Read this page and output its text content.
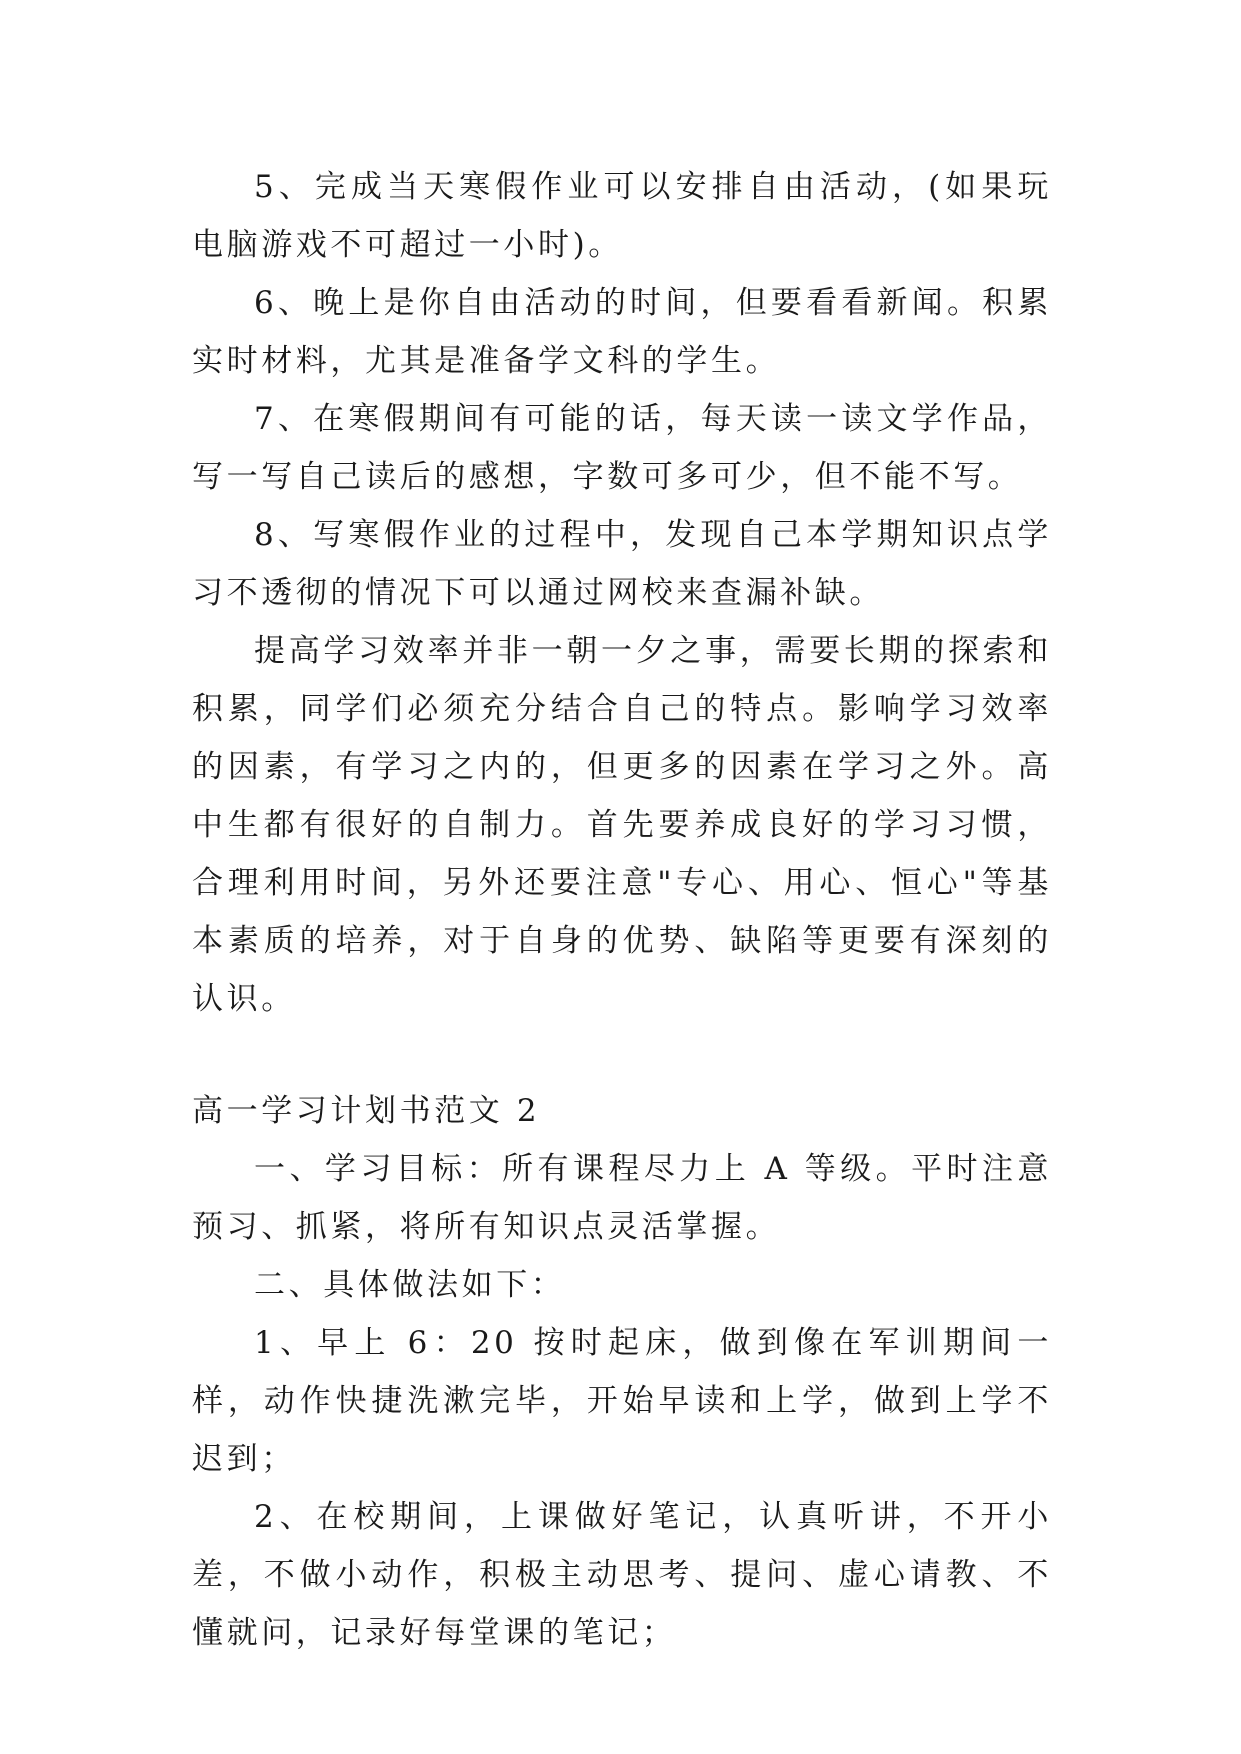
5、完成当天寒假作业可以安排自由活动，(如果玩电脑游戏不可超过一小时)。

6、晚上是你自由活动的时间，但要看看新闻。积累实时材料，尤其是准备学文科的学生。

7、在寒假期间有可能的话，每天读一读文学作品，写一写自己读后的感想，字数可多可少，但不能不写。

8、写寒假作业的过程中，发现自己本学期知识点学习不透彻的情况下可以通过网校来查漏补缺。

提高学习效率并非一朝一夕之事，需要长期的探索和积累，同学们必须充分结合自己的特点。影响学习效率的因素，有学习之内的，但更多的因素在学习之外。高中生都有很好的自制力。首先要养成良好的学习习惯，合理利用时间，另外还要注意"专心、用心、恒心"等基本素质的培养，对于自身的优势、缺陷等更要有深刻的认识。

高一学习计划书范文 2

一、学习目标：所有课程尽力上 A 等级。平时注意预习、抓紧，将所有知识点灵活掌握。

二、具体做法如下：

1、早上 6：20 按时起床，做到像在军训期间一样，动作快捷洗漱完毕，开始早读和上学，做到上学不迟到；

2、在校期间，上课做好笔记，认真听讲，不开小差，不做小动作，积极主动思考、提问、虚心请教、不懂就问，记录好每堂课的笔记；
